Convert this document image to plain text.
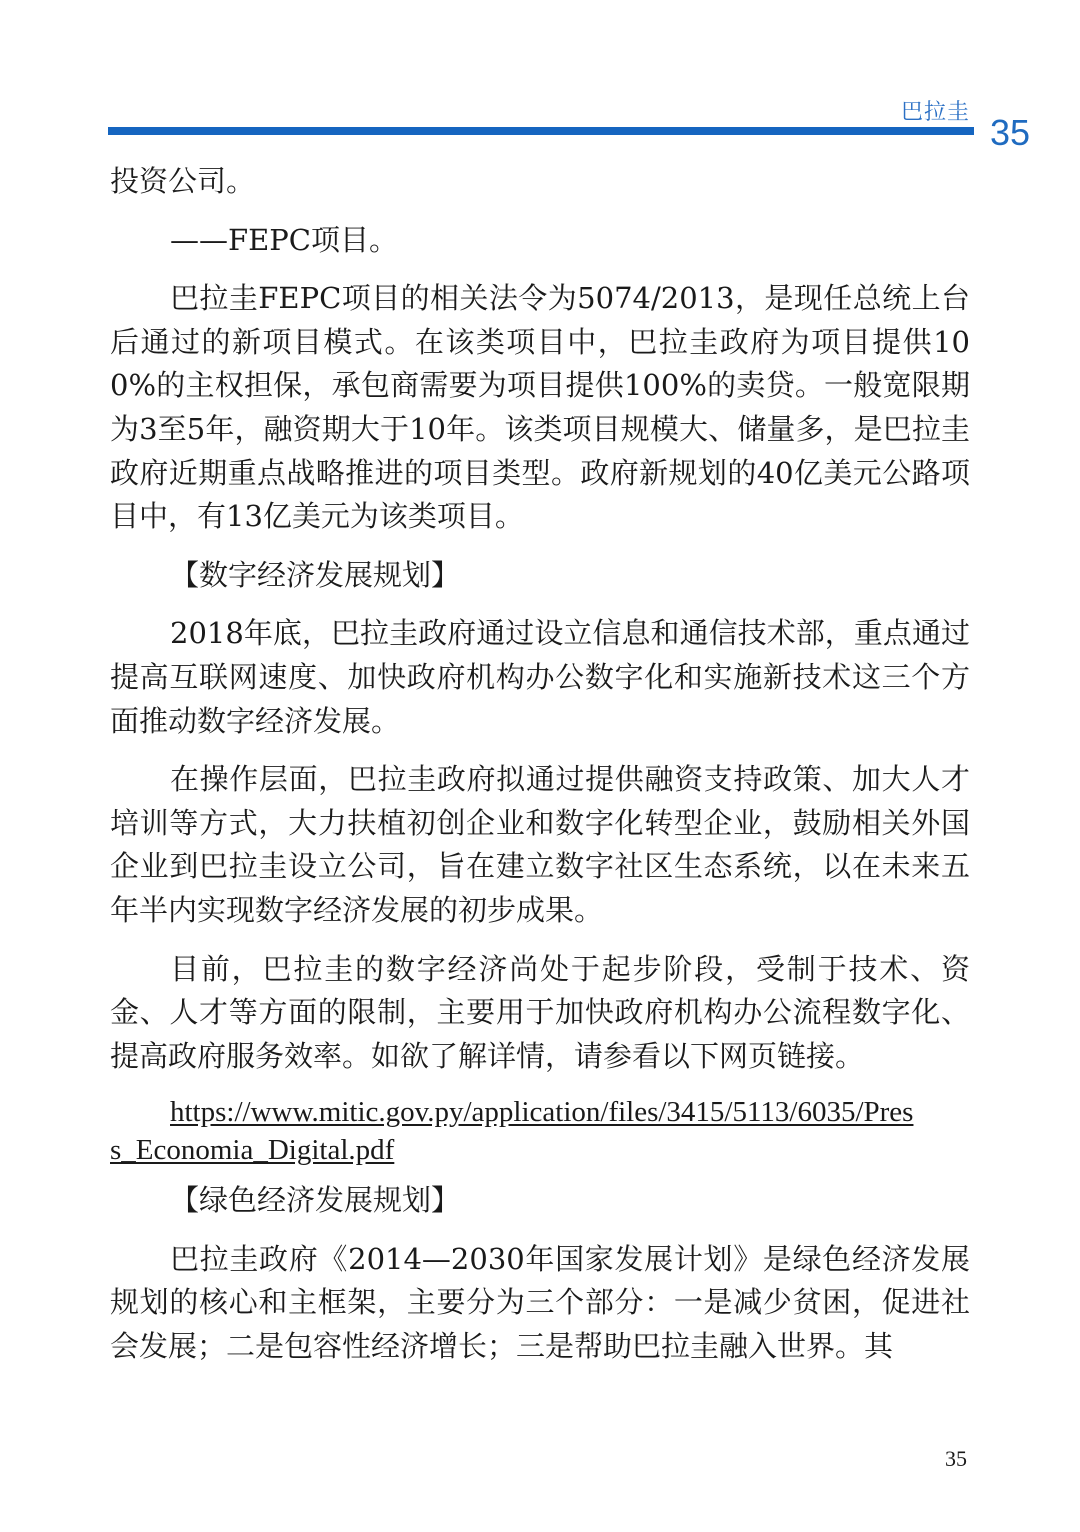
巴拉圭 35

投资公司。

——FEPC项目。

巴拉圭FEPC项目的相关法令为5074/2013，是现任总统上台后通过的新项目模式。在该类项目中，巴拉圭政府为项目提供100%的主权担保，承包商需要为项目提供100%的卖贷。一般宽限期为3至5年，融资期大于10年。该类项目规模大、储量多，是巴拉圭政府近期重点战略推进的项目类型。政府新规划的40亿美元公路项目中，有13亿美元为该类项目。

【数字经济发展规划】

2018年底，巴拉圭政府通过设立信息和通信技术部，重点通过提高互联网速度、加快政府机构办公数字化和实施新技术这三个方面推动数字经济发展。

在操作层面，巴拉圭政府拟通过提供融资支持政策、加大人才培训等方式，大力扶植初创企业和数字化转型企业，鼓励相关外国企业到巴拉圭设立公司，旨在建立数字社区生态系统，以在未来五年半内实现数字经济发展的初步成果。

目前，巴拉圭的数字经济尚处于起步阶段，受制于技术、资金、人才等方面的限制，主要用于加快政府机构办公流程数字化、提高政府服务效率。如欲了解详情，请参看以下网页链接。

https://www.mitic.gov.py/application/files/3415/5113/6035/Pres
s_Economia_Digital.pdf

【绿色经济发展规划】

巴拉圭政府《2014—2030年国家发展计划》是绿色经济发展规划的核心和主框架，主要分为三个部分：一是减少贫困，促进社会发展；二是包容性经济增长；三是帮助巴拉圭融入世界。其

35
